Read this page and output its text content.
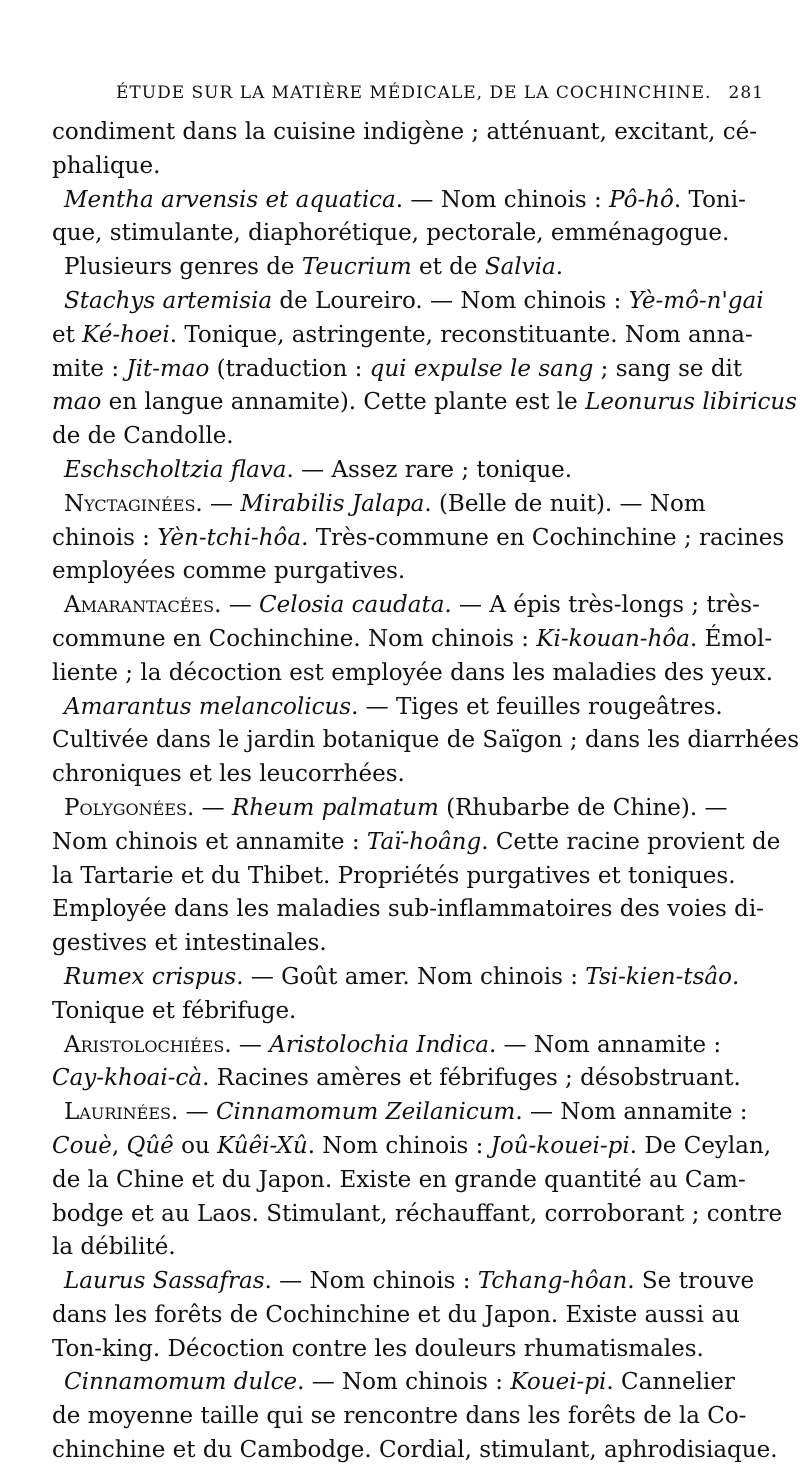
ÉTUDE SUR LA MATIÈRE MÉDICALE, DE LA COCHINCHINE. 281
condiment dans la cuisine indigène ; atténuant, excitant, cé-
phalique.
Mentha arvensis et aquatica. — Nom chinois : Pô-hô. Toni-
que, stimulante, diaphorétique, pectorale, emménagogue.
Plusieurs genres de Teucrium et de Salvia.
Stachys artemisia de Loureiro. — Nom chinois : Yè-mô-n'gai
et Ké-hoei. Tonique, astringente, reconstituante. Nom anna-
mite : Jit-mao (traduction : qui expulse le sang ; sang se dit
mao en langue annamite). Cette plante est le Leonurus libiricus
de de Candolle.
Eschscholtzia flava. — Assez rare ; tonique.
Nyctaginées. — Mirabilis Jalapa. (Belle de nuit). — Nom
chinois : Yèn-tchi-hôa. Très-commune en Cochinchine ; racines
employées comme purgatives.
Amarantacées. — Celosia caudata. — A épis très-longs ; très-
commune en Cochinchine. Nom chinois : Ki-kouan-hôa. Émol-
liente ; la décoction est employée dans les maladies des yeux.
Amarantus melancolicus. — Tiges et feuilles rougeâtres.
Cultivée dans le jardin botanique de Saïgon ; dans les diarrhées
chroniques et les leucorrhées.
Polygonées. — Rheum palmatum (Rhubarbe de Chine). —
Nom chinois et annamite : Taï-hoâng. Cette racine provient de
la Tartarie et du Thibet. Propriétés purgatives et toniques.
Employée dans les maladies sub-inflammatoires des voies di-
gestives et intestinales.
Rumex crispus. — Goût amer. Nom chinois : Tsi-kien-tsâo.
Tonique et fébrifuge.
Aristolochiées. — Aristolochia Indica. — Nom annamite :
Cay-khoai-cà. Racines amères et fébrifuges ; désobstruant.
Laurinées. — Cinnamomum Zeilanicum. — Nom annamite :
Couè, Qûê ou Kûêi-Xû. Nom chinois : Joû-kouei-pi. De Ceylan,
de la Chine et du Japon. Existe en grande quantité au Cam-
bodge et au Laos. Stimulant, réchauffant, corroborant ; contre
la débilité.
Laurus Sassafras. — Nom chinois : Tchang-hôan. Se trouve
dans les forêts de Cochinchine et du Japon. Existe aussi au
Ton-king. Décoction contre les douleurs rhumatismales.
Cinnamomum dulce. — Nom chinois : Kouei-pi. Cannelier
de moyenne taille qui se rencontre dans les forêts de la Co-
chinchine et du Cambodge. Cordial, stimulant, aphrodisiaque.
